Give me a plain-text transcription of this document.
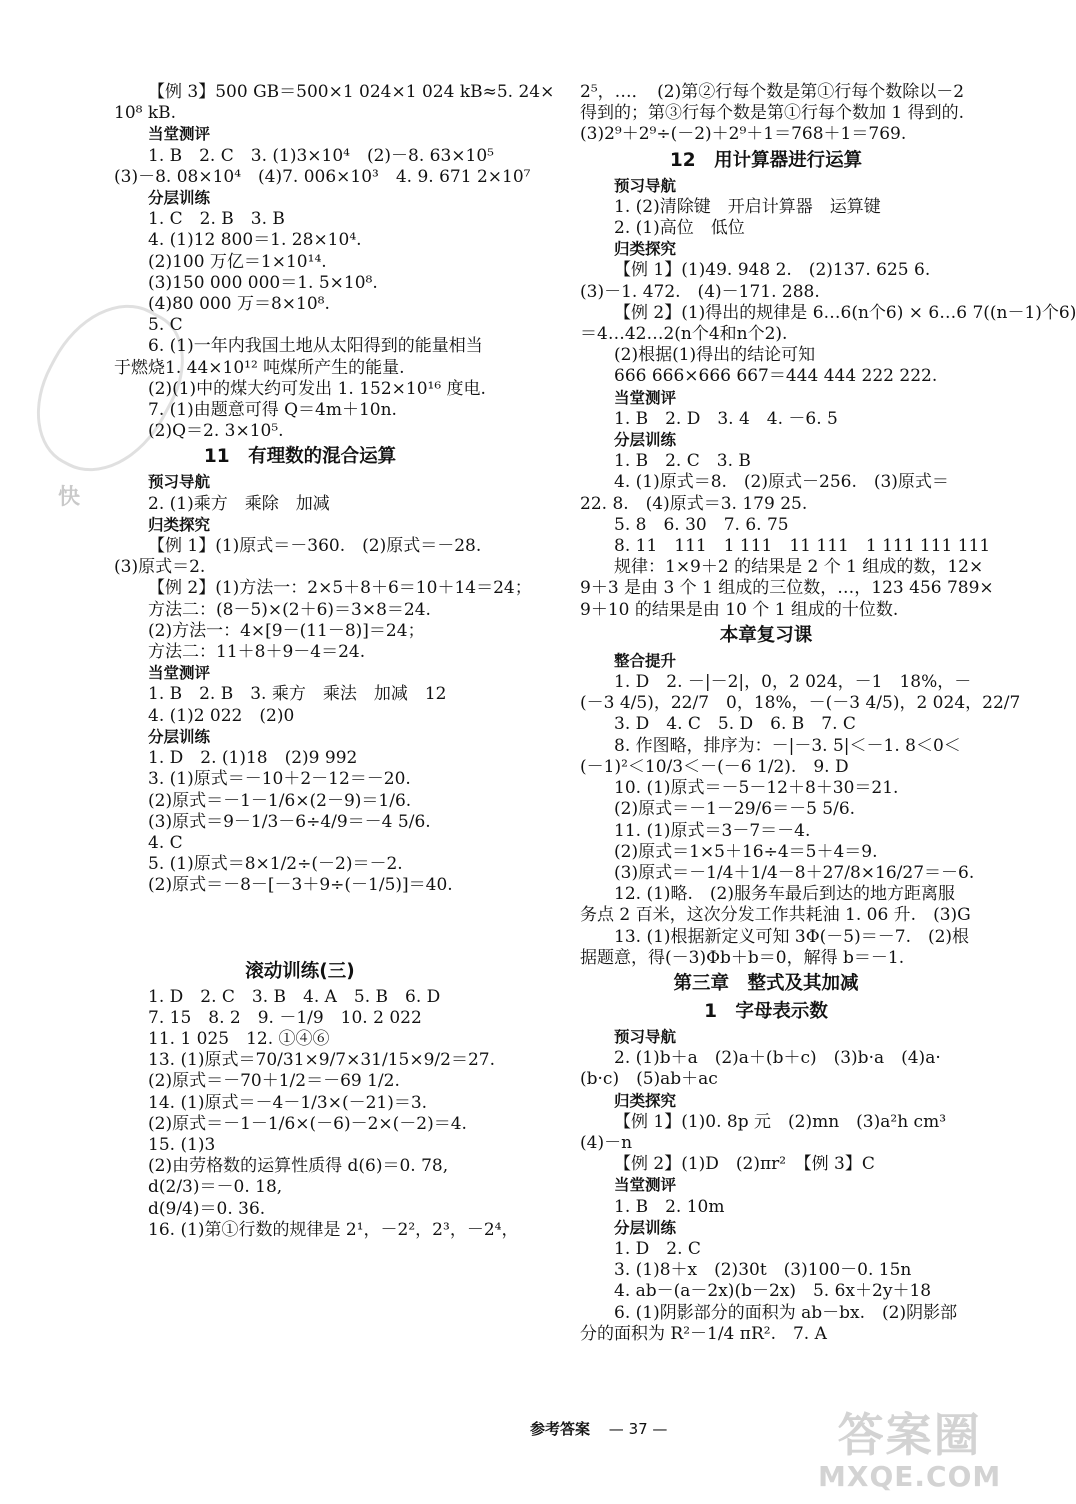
快
【例 3】500 GB＝500×1 024×1 024 kB≈5. 24×
10⁸ kB.
当堂测评
1. B　2. C　3. (1)3×10⁴　(2)－8. 63×10⁵
(3)－8. 08×10⁴　(4)7. 006×10³　4. 9. 671 2×10⁷
分层训练
1. C　2. B　3. B
4. (1)12 800＝1. 28×10⁴.
(2)100 万亿＝1×10¹⁴.
(3)150 000 000＝1. 5×10⁸.
(4)80 000 万＝8×10⁸.
5. C
6. (1)一年内我国土地从太阳得到的能量相当
于燃烧1. 44×10¹² 吨煤所产生的能量.
(2)(1)中的煤大约可发出 1. 152×10¹⁶ 度电.
7. (1)由题意可得 Q＝4m＋10n.
(2)Q＝2. 3×10⁵.
11　有理数的混合运算
预习导航
2. (1)乘方　乘除　加减
归类探究
【例 1】(1)原式＝－360.　(2)原式＝－28.
(3)原式＝2.
【例 2】(1)方法一：2×5＋8＋6＝10＋14＝24；
方法二：(8－5)×(2＋6)＝3×8＝24.
(2)方法一：4×[9－(11－8)]＝24；
方法二：11＋8＋9－4＝24.
当堂测评
1. B　2. B　3. 乘方　乘法　加减　12
4. (1)2 022　(2)0
分层训练
1. D　2. (1)18　(2)9 992
3. (1)原式＝－10＋2－12＝－20.
(2)原式＝－1－1/6×(2－9)＝1/6.
(3)原式＝9－1/3－6÷4/9＝－4 5/6.
4. C
5. (1)原式＝8×1/2÷(－2)＝－2.
(2)原式＝－8－[－3＋9÷(－1/5)]＝40.
滚动训练(三)
1. D　2. C　3. B　4. A　5. B　6. D
7. 15　8. 2　9. －1/9　10. 2 022
11. 1 025　12. ①④⑥
13. (1)原式＝70/31×9/7×31/15×9/2＝27.
(2)原式＝－70＋1/2＝－69 1/2.
14. (1)原式＝－4－1/3×(－21)＝3.
(2)原式＝－1－1/6×(－6)－2×(－2)＝4.
15. (1)3
(2)由劳格数的运算性质得 d(6)＝0. 78,
d(2/3)＝－0. 18,
d(9/4)＝0. 36.
16. (1)第①行数的规律是 2¹，－2²，2³，－2⁴，
2⁵，…．　(2)第②行每个数是第①行每个数除以－2
得到的；第③行每个数是第①行每个数加 1 得到的.
(3)2⁹＋2⁹÷(－2)＋2⁹＋1＝768＋1＝769.
12　用计算器进行运算
预习导航
1. (2)清除键　开启计算器　运算键
2. (1)高位　低位
归类探究
【例 1】(1)49. 948 2.　(2)137. 625 6.
(3)－1. 472.　(4)－171. 288.
【例 2】(1)得出的规律是 6…6(n个6) × 6…6 7((n－1)个6)
＝4…42…2(n个4和n个2).
(2)根据(1)得出的结论可知
666 666×666 667＝444 444 222 222.
当堂测评
1. B　2. D　3. 4　4. －6. 5
分层训练
1. B　2. C　3. B
4. (1)原式＝8.　(2)原式－256.　(3)原式＝
22. 8.　(4)原式＝3. 179 25.
5. 8　6. 30　7. 6. 75
8. 11　111　1 111　11 111　1 111 111 111
规律：1×9＋2 的结果是 2 个 1 组成的数，12×
9＋3 是由 3 个 1 组成的三位数，…，123 456 789×
9＋10 的结果是由 10 个 1 组成的十位数.
本章复习课
整合提升
1. D　2. －|－2|，0，2 024，－1　18%，－
(－3 4/5)，22/7　0，18%，－(－3 4/5)，2 024，22/7
3. D　4. C　5. D　6. B　7. C
8. 作图略，排序为：－|－3. 5|＜－1. 8＜0＜
(－1)²＜10/3＜－(－6 1/2).　9. D
10. (1)原式＝－5－12＋8＋30＝21.
(2)原式＝－1－29/6＝－5 5/6.
11. (1)原式＝3－7＝－4.
(2)原式＝1×5＋16÷4＝5＋4＝9.
(3)原式＝－1/4＋1/4－8＋27/8×16/27＝－6.
12. (1)略.　(2)服务车最后到达的地方距离服
务点 2 百米，这次分发工作共耗油 1. 06 升.　(3)G
13. (1)根据新定义可知 3Φ(－5)＝－7.　(2)根
据题意，得(－3)Φb＋b＝0，解得 b＝－1.
第三章　整式及其加减
1　字母表示数
预习导航
2. (1)b＋a　(2)a＋(b＋c)　(3)b·a　(4)a·
(b·c)　(5)ab＋ac
归类探究
【例 1】(1)0. 8p 元　(2)mn　(3)a²h cm³
(4)－n
【例 2】(1)D　(2)πr²　【例 3】C
当堂测评
1. B　2. 10m
分层训练
1. D　2. C
3. (1)8＋x　(2)30t　(3)100－0. 15n
4. ab－(a－2x)(b－2x)　5. 6x＋2y＋18
6. (1)阴影部分的面积为 ab－bx.　(2)阴影部
分的面积为 R²－1/4 πR².　7. A
参考答案 — 37 —	答案圈
MXQE.COM
